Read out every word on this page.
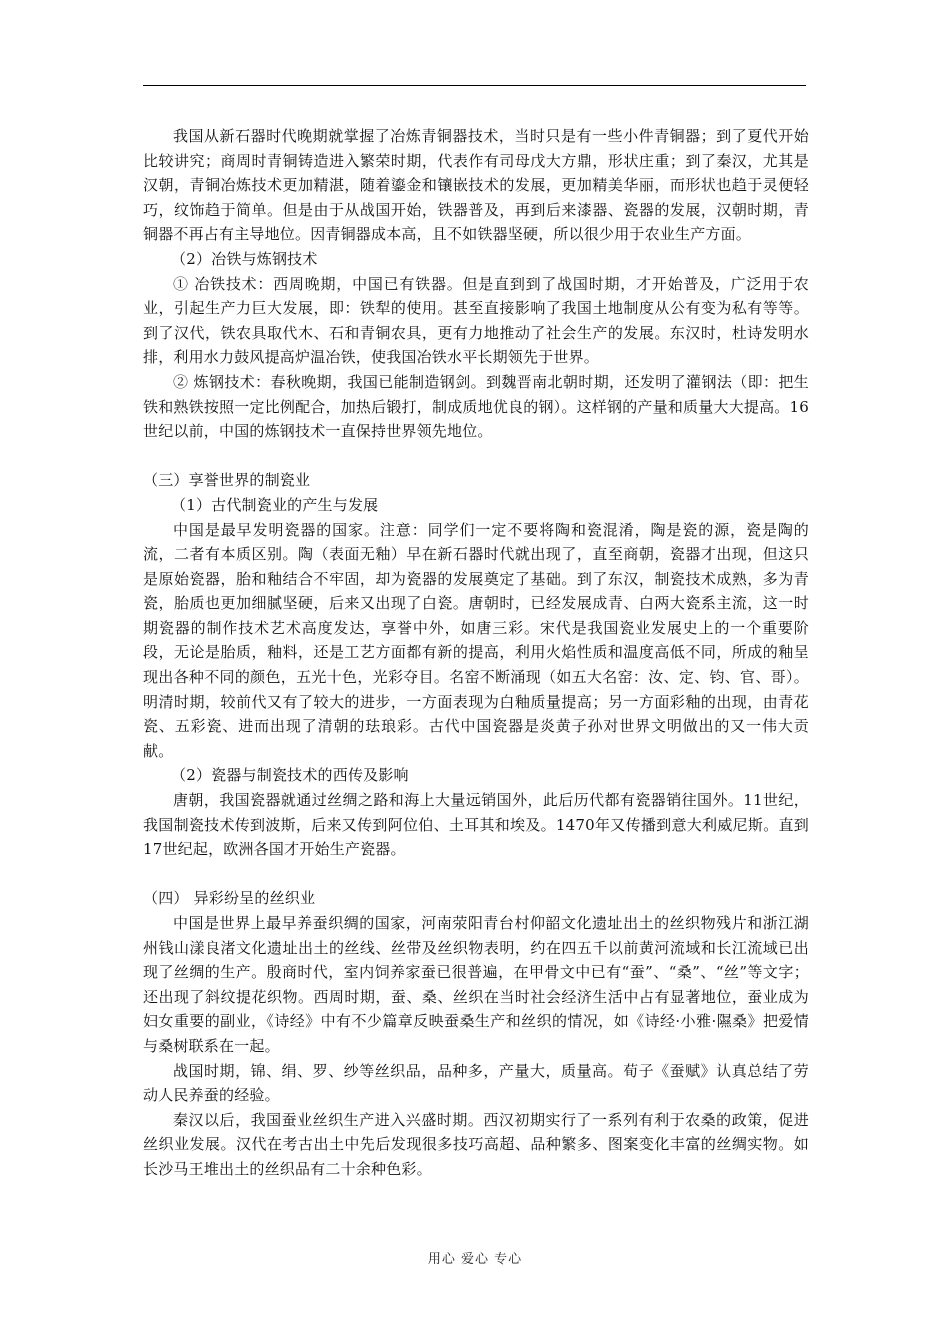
我国从新石器时代晚期就掌握了冶炼青铜器技术，当时只是有一些小件青铜器；到了夏代开始比较讲究；商周时青铜铸造进入繁荣时期，代表作有司母戊大方鼎，形状庄重；到了秦汉，尤其是汉朝，青铜冶炼技术更加精湛，随着鎏金和镶嵌技术的发展，更加精美华丽，而形状也趋于灵便轻巧，纹饰趋于简单。但是由于从战国开始，铁器普及，再到后来漆器、瓷器的发展，汉朝时期，青铜器不再占有主导地位。因青铜器成本高，且不如铁器坚硬，所以很少用于农业生产方面。

（2）冶铁与炼钢技术

① 冶铁技术：西周晚期，中国已有铁器。但是直到到了战国时期，才开始普及，广泛用于农业，引起生产力巨大发展，即：铁犁的使用。甚至直接影响了我国土地制度从公有变为私有等等。到了汉代，铁农具取代木、石和青铜农具，更有力地推动了社会生产的发展。东汉时，杜诗发明水排，利用水力鼓风提高炉温冶铁，使我国冶铁水平长期领先于世界。

② 炼钢技术：春秋晚期，我国已能制造钢剑。到魏晋南北朝时期，还发明了灌钢法（即：把生铁和熟铁按照一定比例配合，加热后锻打，制成质地优良的钢）。这样钢的产量和质量大大提高。16世纪以前，中国的炼钢技术一直保持世界领先地位。

（三）享誉世界的制瓷业

（1）古代制瓷业的产生与发展

中国是最早发明瓷器的国家。注意：同学们一定不要将陶和瓷混淆，陶是瓷的源，瓷是陶的流，二者有本质区别。陶（表面无釉）早在新石器时代就出现了，直至商朝，瓷器才出现，但这只是原始瓷器，胎和釉结合不牢固，却为瓷器的发展奠定了基础。到了东汉，制瓷技术成熟，多为青瓷，胎质也更加细腻坚硬，后来又出现了白瓷。唐朝时，已经发展成青、白两大瓷系主流，这一时期瓷器的制作技术艺术高度发达，享誉中外，如唐三彩。宋代是我国瓷业发展史上的一个重要阶段，无论是胎质，釉料，还是工艺方面都有新的提高，利用火焰性质和温度高低不同，所成的釉呈现出各种不同的颜色，五光十色，光彩夺目。名窑不断涌现（如五大名窑：汝、定、钧、官、哥）。明清时期，较前代又有了较大的进步，一方面表现为白釉质量提高；另一方面彩釉的出现，由青花瓷、五彩瓷、进而出现了清朝的珐琅彩。古代中国瓷器是炎黄子孙对世界文明做出的又一伟大贡献。

（2）瓷器与制瓷技术的西传及影响

唐朝，我国瓷器就通过丝绸之路和海上大量远销国外，此后历代都有瓷器销往国外。11世纪，我国制瓷技术传到波斯，后来又传到阿位伯、土耳其和埃及。1470年又传播到意大利威尼斯。直到17世纪起，欧洲各国才开始生产瓷器。

（四） 异彩纷呈的丝织业

中国是世界上最早养蚕织绸的国家，河南荥阳青台村仰韶文化遗址出土的丝织物残片和浙江湖州钱山漾良渚文化遗址出土的丝线、丝带及丝织物表明，约在四五千以前黄河流域和长江流域已出现了丝绸的生产。殷商时代，室内饲养家蚕已很普遍，在甲骨文中已有“蚕”、“桑”、“丝”等文字；还出现了斜纹提花织物。西周时期，蚕、桑、丝织在当时社会经济生活中占有显著地位，蚕业成为妇女重要的副业，《诗经》中有不少篇章反映蚕桑生产和丝织的情况，如《诗经·小雅·隰桑》把爱情与桑树联系在一起。

战国时期，锦、绢、罗、纱等丝织品，品种多，产量大，质量高。荀子《蚕赋》认真总结了劳动人民养蚕的经验。

秦汉以后，我国蚕业丝织生产进入兴盛时期。西汉初期实行了一系列有利于农桑的政策，促进丝织业发展。汉代在考古出土中先后发现很多技巧高超、品种繁多、图案变化丰富的丝绸实物。如长沙马王堆出土的丝织品有二十余种色彩。

用心 爱心 专心
